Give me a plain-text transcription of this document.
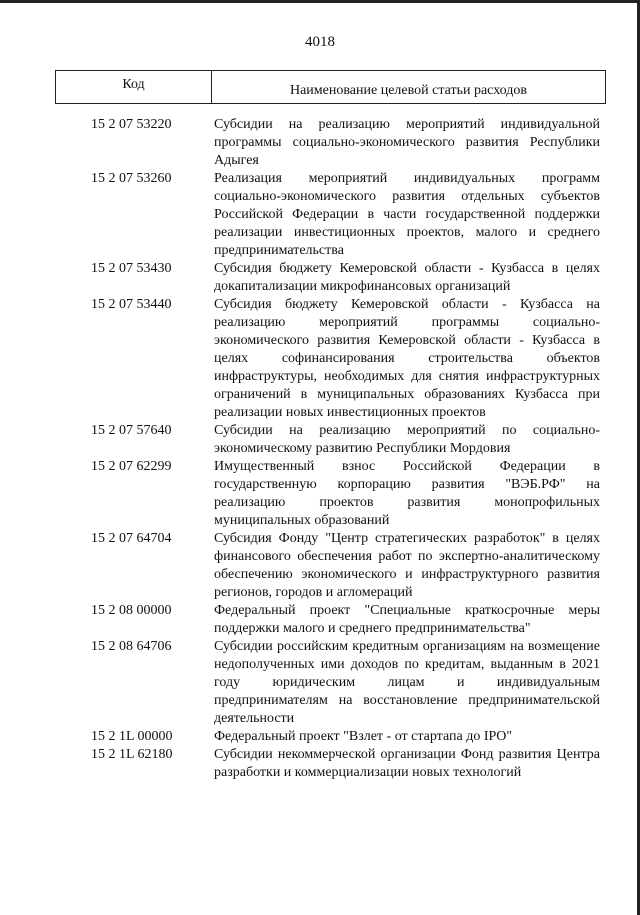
4018
Код	Наименование целевой статьи расходов
15 2 07 53220	Субсидии на реализацию мероприятий индивидуальной программы социально-экономического развития Республики Адыгея
15 2 07 53260	Реализация мероприятий индивидуальных программ социально-экономического развития отдельных субъектов Российской Федерации в части государственной поддержки реализации инвестиционных проектов, малого и среднего предпринимательства
15 2 07 53430	Субсидия бюджету Кемеровской области - Кузбасса в целях докапитализации микрофинансовых организаций
15 2 07 53440	Субсидия бюджету Кемеровской области - Кузбасса на реализацию мероприятий программы социально-экономического развития Кемеровской области - Кузбасса в целях софинансирования строительства объектов инфраструктуры, необходимых для снятия инфраструктурных ограничений в муниципальных образованиях Кузбасса при реализации новых инвестиционных проектов
15 2 07 57640	Субсидии на реализацию мероприятий по социально-экономическому развитию Республики Мордовия
15 2 07 62299	Имущественный взнос Российской Федерации в государственную корпорацию развития "ВЭБ.РФ" на реализацию проектов развития монопрофильных муниципальных образований
15 2 07 64704	Субсидия Фонду "Центр стратегических разработок" в целях финансового обеспечения работ по экспертно-аналитическому обеспечению экономического и инфраструктурного развития регионов, городов и агломераций
15 2 08 00000	Федеральный проект "Специальные краткосрочные меры поддержки малого и среднего предпринимательства"
15 2 08 64706	Субсидии российским кредитным организациям на возмещение недополученных ими доходов по кредитам, выданным в 2021 году юридическим лицам и индивидуальным предпринимателям на восстановление предпринимательской деятельности
15 2 1L 00000	Федеральный проект "Взлет - от стартапа до IPO"
15 2 1L 62180	Субсидии некоммерческой организации Фонд развития Центра разработки и коммерциализации новых технологий
